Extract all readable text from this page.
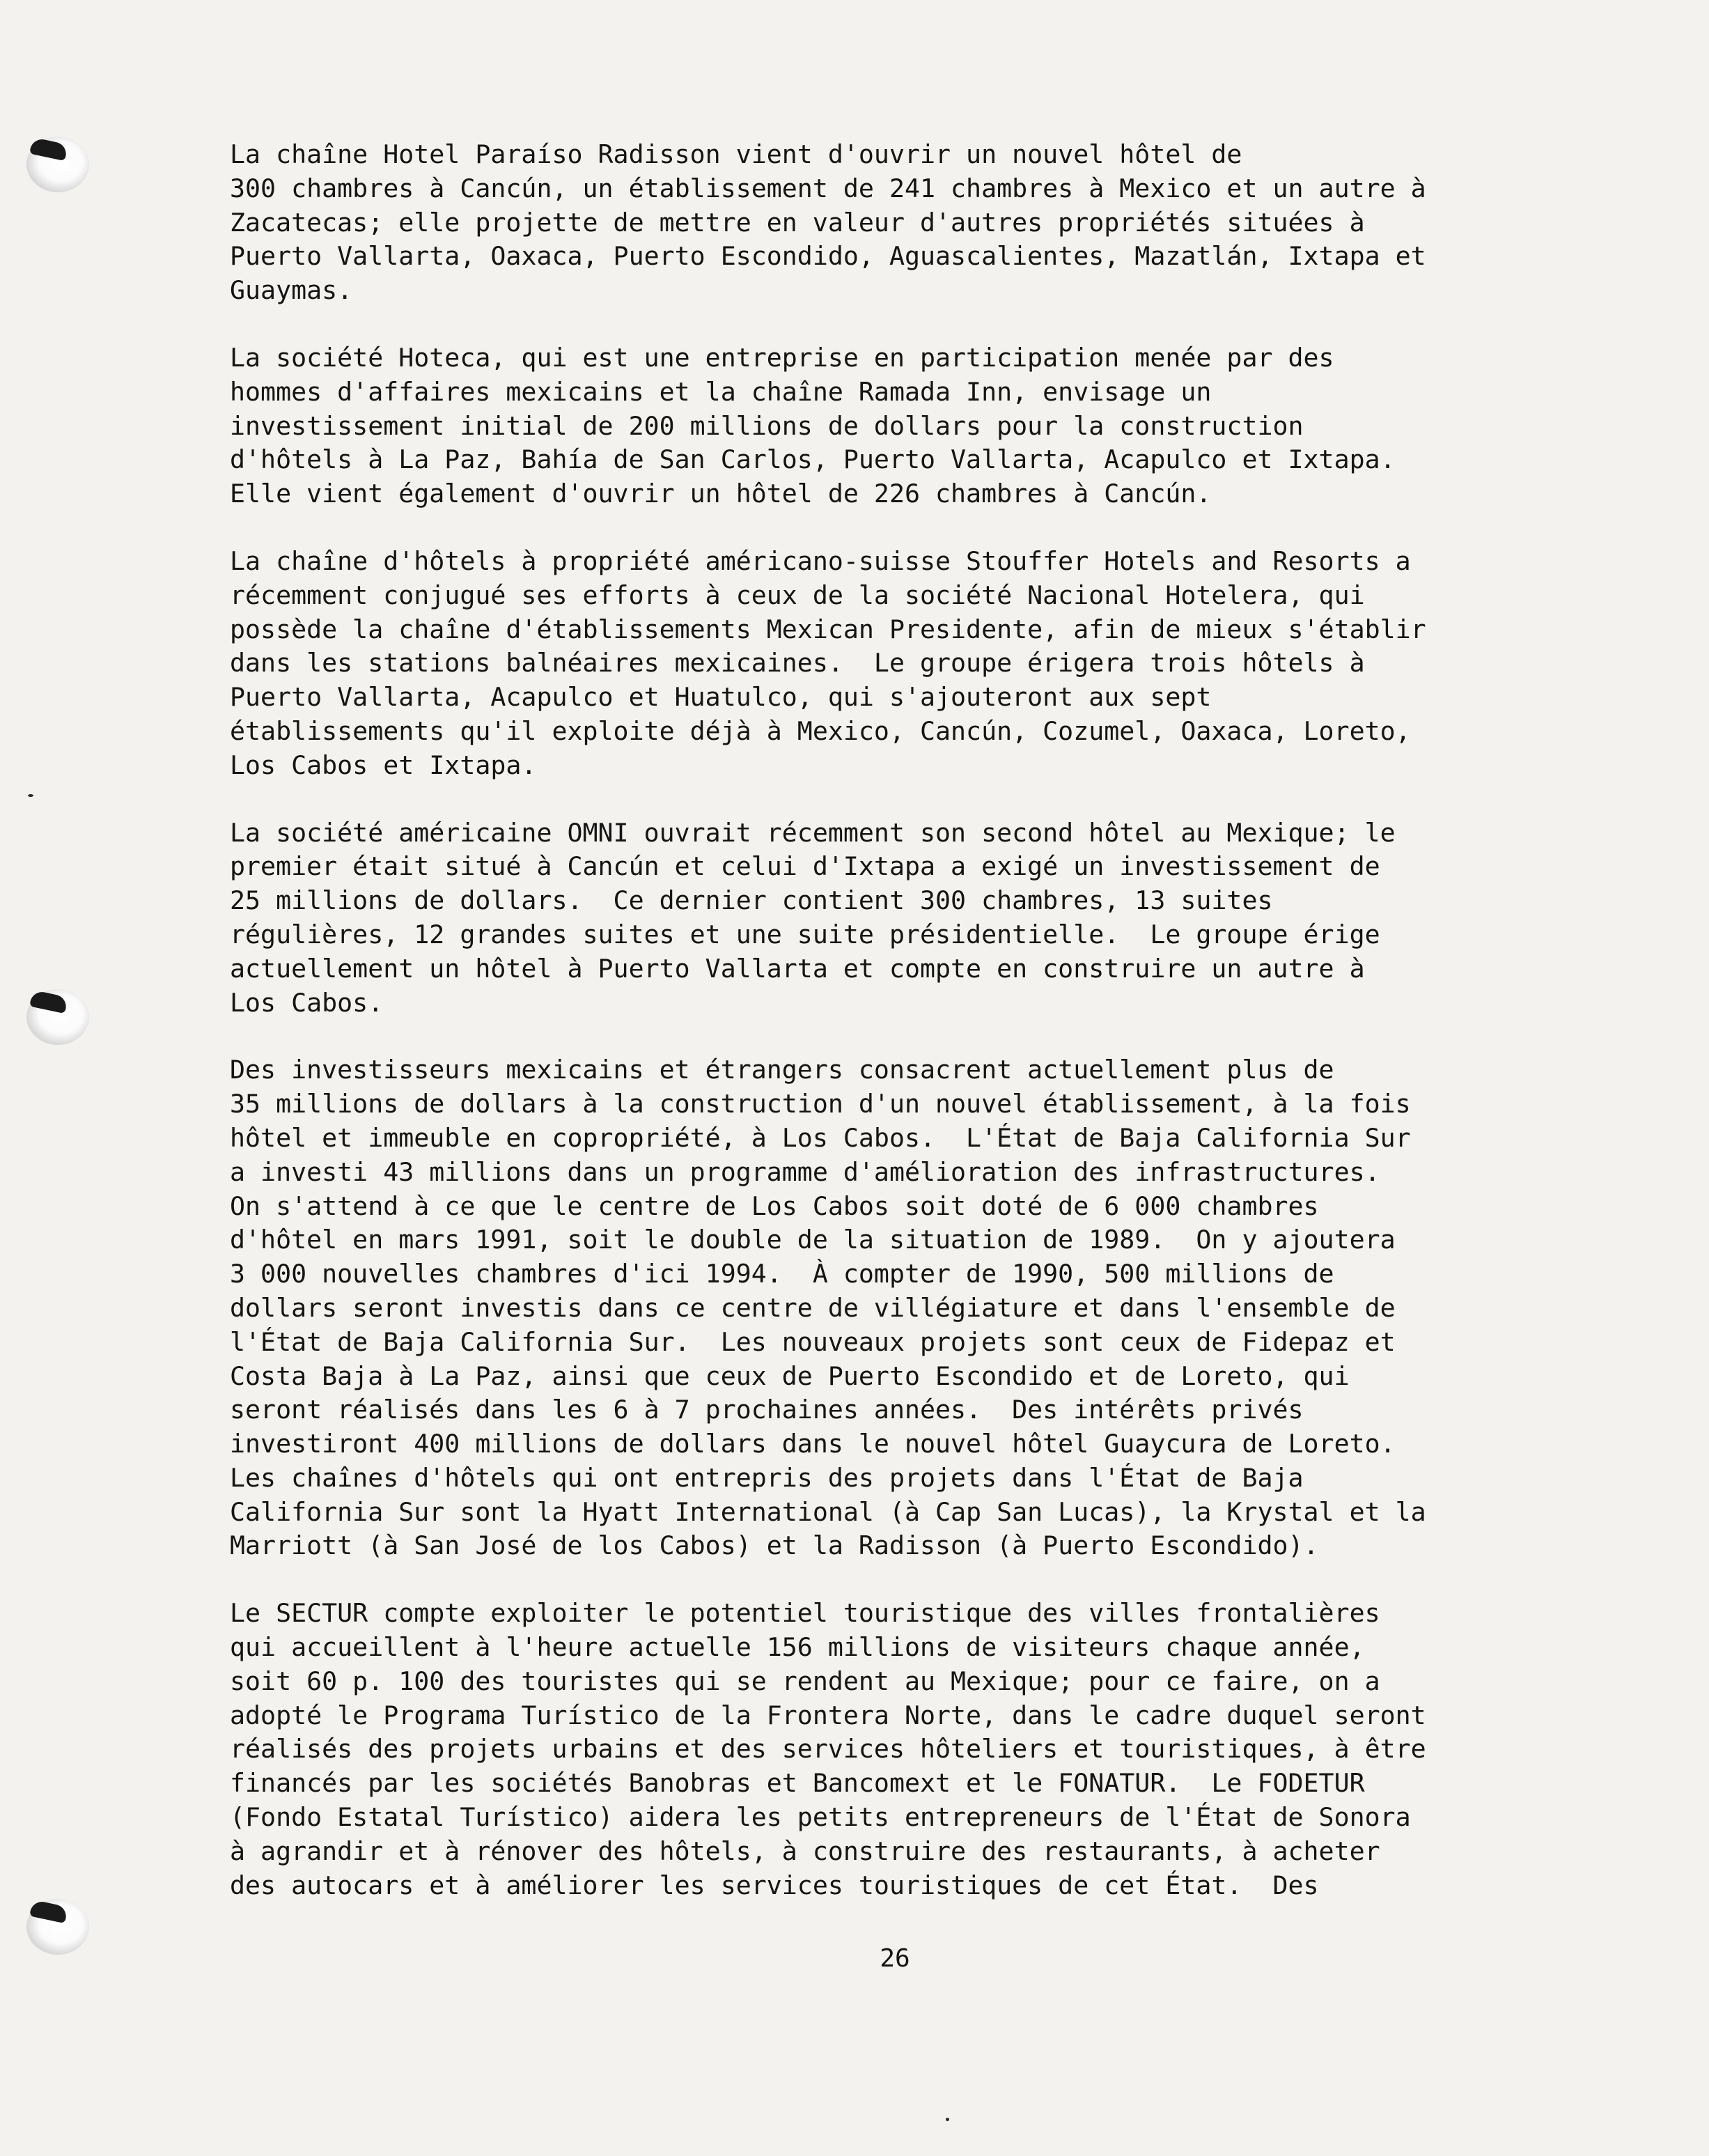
La chaîne Hotel Paraíso Radisson vient d'ouvrir un nouvel hôtel de
300 chambres à Cancún, un établissement de 241 chambres à Mexico et un autre à
Zacatecas; elle projette de mettre en valeur d'autres propriétés situées à
Puerto Vallarta, Oaxaca, Puerto Escondido, Aguascalientes, Mazatlán, Ixtapa et
Guaymas.

La société Hoteca, qui est une entreprise en participation menée par des
hommes d'affaires mexicains et la chaîne Ramada Inn, envisage un
investissement initial de 200 millions de dollars pour la construction
d'hôtels à La Paz, Bahía de San Carlos, Puerto Vallarta, Acapulco et Ixtapa.
Elle vient également d'ouvrir un hôtel de 226 chambres à Cancún.

La chaîne d'hôtels à propriété américano-suisse Stouffer Hotels and Resorts a
récemment conjugué ses efforts à ceux de la société Nacional Hotelera, qui
possède la chaîne d'établissements Mexican Presidente, afin de mieux s'établir
dans les stations balnéaires mexicaines.  Le groupe érigera trois hôtels à
Puerto Vallarta, Acapulco et Huatulco, qui s'ajouteront aux sept
établissements qu'il exploite déjà à Mexico, Cancún, Cozumel, Oaxaca, Loreto,
Los Cabos et Ixtapa.

La société américaine OMNI ouvrait récemment son second hôtel au Mexique; le
premier était situé à Cancún et celui d'Ixtapa a exigé un investissement de
25 millions de dollars.  Ce dernier contient 300 chambres, 13 suites
régulières, 12 grandes suites et une suite présidentielle.  Le groupe érige
actuellement un hôtel à Puerto Vallarta et compte en construire un autre à
Los Cabos.

Des investisseurs mexicains et étrangers consacrent actuellement plus de
35 millions de dollars à la construction d'un nouvel établissement, à la fois
hôtel et immeuble en copropriété, à Los Cabos.  L'État de Baja California Sur
a investi 43 millions dans un programme d'amélioration des infrastructures.
On s'attend à ce que le centre de Los Cabos soit doté de 6 000 chambres
d'hôtel en mars 1991, soit le double de la situation de 1989.  On y ajoutera
3 000 nouvelles chambres d'ici 1994.  À compter de 1990, 500 millions de
dollars seront investis dans ce centre de villégiature et dans l'ensemble de
l'État de Baja California Sur.  Les nouveaux projets sont ceux de Fidepaz et
Costa Baja à La Paz, ainsi que ceux de Puerto Escondido et de Loreto, qui
seront réalisés dans les 6 à 7 prochaines années.  Des intérêts privés
investiront 400 millions de dollars dans le nouvel hôtel Guaycura de Loreto.
Les chaînes d'hôtels qui ont entrepris des projets dans l'État de Baja
California Sur sont la Hyatt International (à Cap San Lucas), la Krystal et la
Marriott (à San José de los Cabos) et la Radisson (à Puerto Escondido).

Le SECTUR compte exploiter le potentiel touristique des villes frontalières
qui accueillent à l'heure actuelle 156 millions de visiteurs chaque année,
soit 60 p. 100 des touristes qui se rendent au Mexique; pour ce faire, on a
adopté le Programa Turístico de la Frontera Norte, dans le cadre duquel seront
réalisés des projets urbains et des services hôteliers et touristiques, à être
financés par les sociétés Banobras et Bancomext et le FONATUR.  Le FODETUR
(Fondo Estatal Turístico) aidera les petits entrepreneurs de l'État de Sonora
à agrandir et à rénover des hôtels, à construire des restaurants, à acheter
des autocars et à améliorer les services touristiques de cet État.  Des

26
